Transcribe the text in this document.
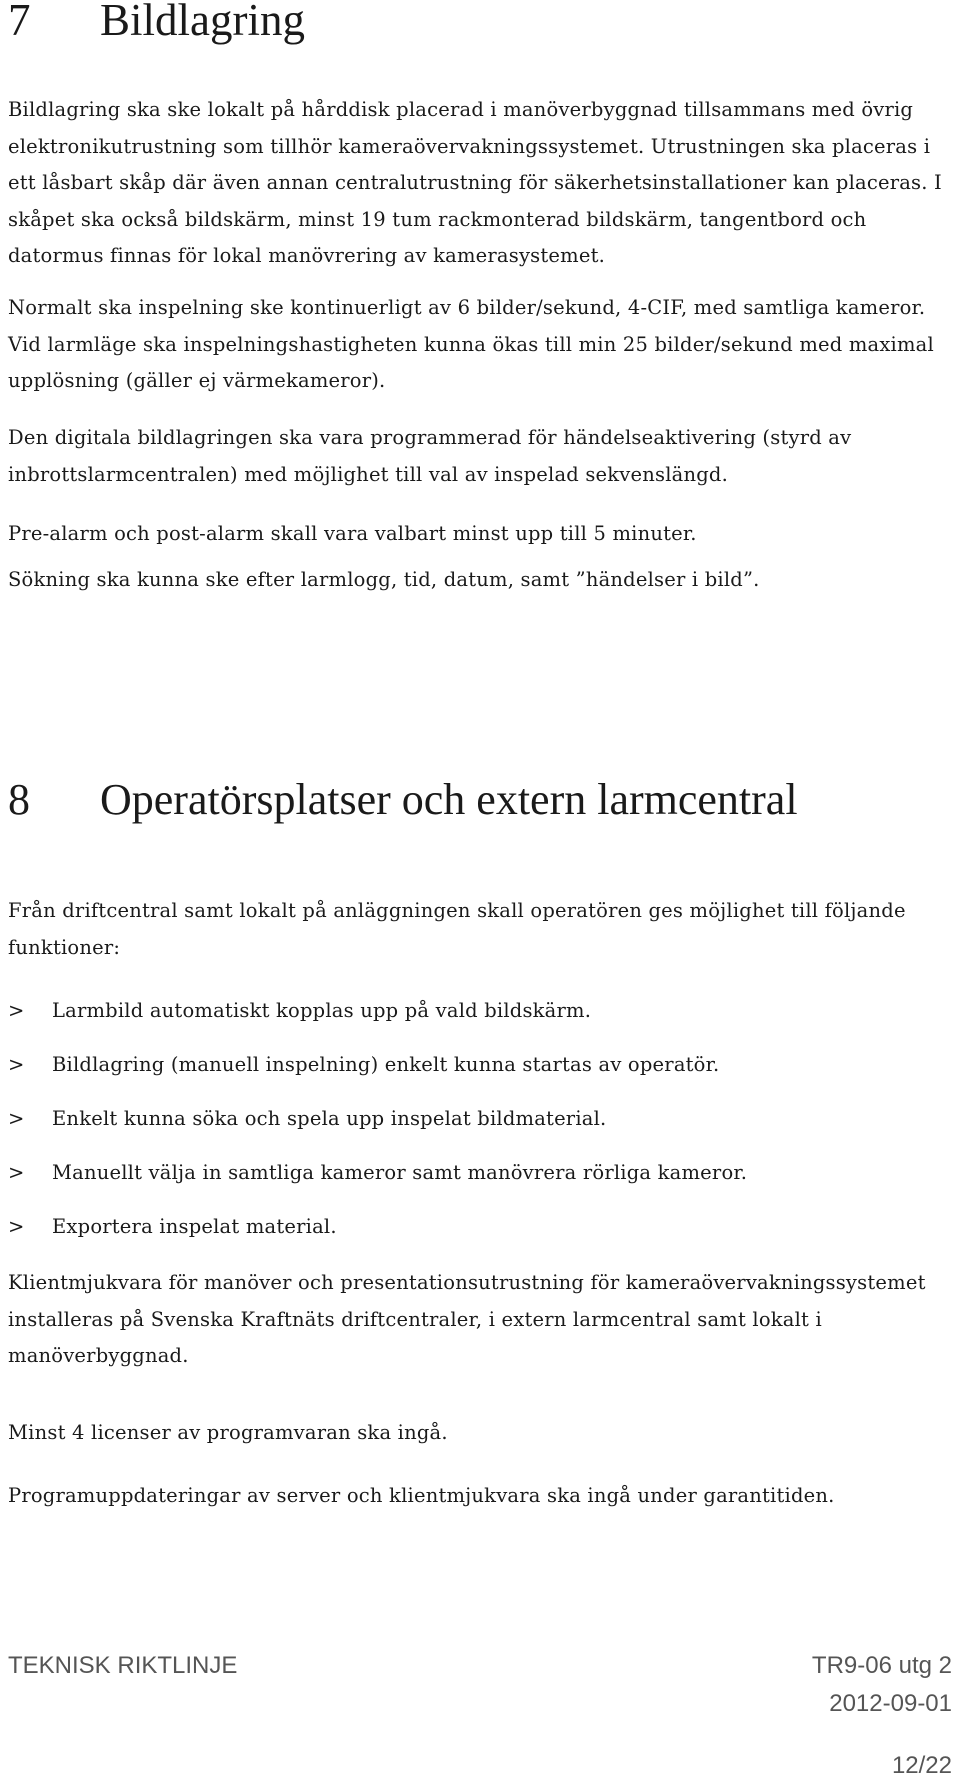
7	Bildlagring

Bildlagring ska ske lokalt på hårddisk placerad i manöverbyggnad tillsammans med övrig elektronikutrustning som tillhör kameraövervakningssystemet. Utrustningen ska placeras i ett låsbart skåp där även annan centralutrustning för säkerhetsinstallationer kan placeras. I skåpet ska också bildskärm, minst 19 tum rackmonterad bildskärm, tangentbord och datormus finnas för lokal manövrering av kamerasystemet.

Normalt ska inspelning ske kontinuerligt av 6 bilder/sekund, 4-CIF, med samtliga kameror. Vid larmläge ska inspelningshastigheten kunna ökas till min 25 bilder/sekund med maximal upplösning (gäller ej värmekameror).

Den digitala bildlagringen ska vara programmerad för händelseaktivering (styrd av inbrottslarmcentralen) med möjlighet till val av inspelad sekvenslängd.

Pre-alarm och post-alarm skall vara valbart minst upp till 5 minuter.

Sökning ska kunna ske efter larmlogg, tid, datum, samt ”händelser i bild”.

8	Operatörsplatser och extern larmcentral

Från driftcentral samt lokalt på anläggningen skall operatören ges möjlighet till följande funktioner:

>	Larmbild automatiskt kopplas upp på vald bildskärm.
>	Bildlagring (manuell inspelning) enkelt kunna startas av operatör.
>	Enkelt kunna söka och spela upp inspelat bildmaterial.
>	Manuellt välja in samtliga kameror samt manövrera rörliga kameror.
>	Exportera inspelat material.

Klientmjukvara för manöver och presentationsutrustning för kameraövervakningssystemet installeras på Svenska Kraftnäts driftcentraler, i extern larmcentral samt lokalt i manöverbyggnad.

Minst 4 licenser av programvaran ska ingå.

Programuppdateringar av server och klientmjukvara ska ingå under garantitiden.

TEKNISK RIKTLINJE	TR9-06 utg 2
2012-09-01
12/22
